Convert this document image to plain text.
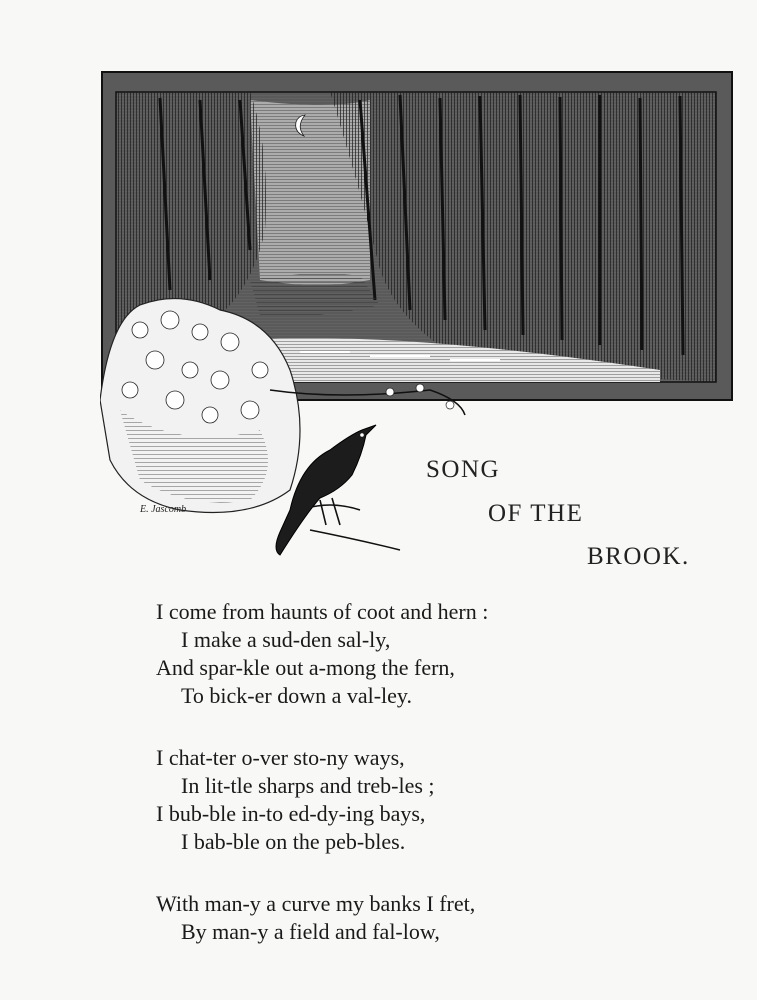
E. Jascomb
SONG
OF THE
BROOK.
I come from haunts of coot and hern :
I make a sud-den sal-ly,
And spar-kle out a-mong the fern,
To bick-er down a val-ley.
I chat-ter o-ver sto-ny ways,
In lit-tle sharps and treb-les ;
I bub-ble in-to ed-dy-ing bays,
I bab-ble on the peb-bles.
With man-y a curve my banks I fret,
By man-y a field and fal-low,
